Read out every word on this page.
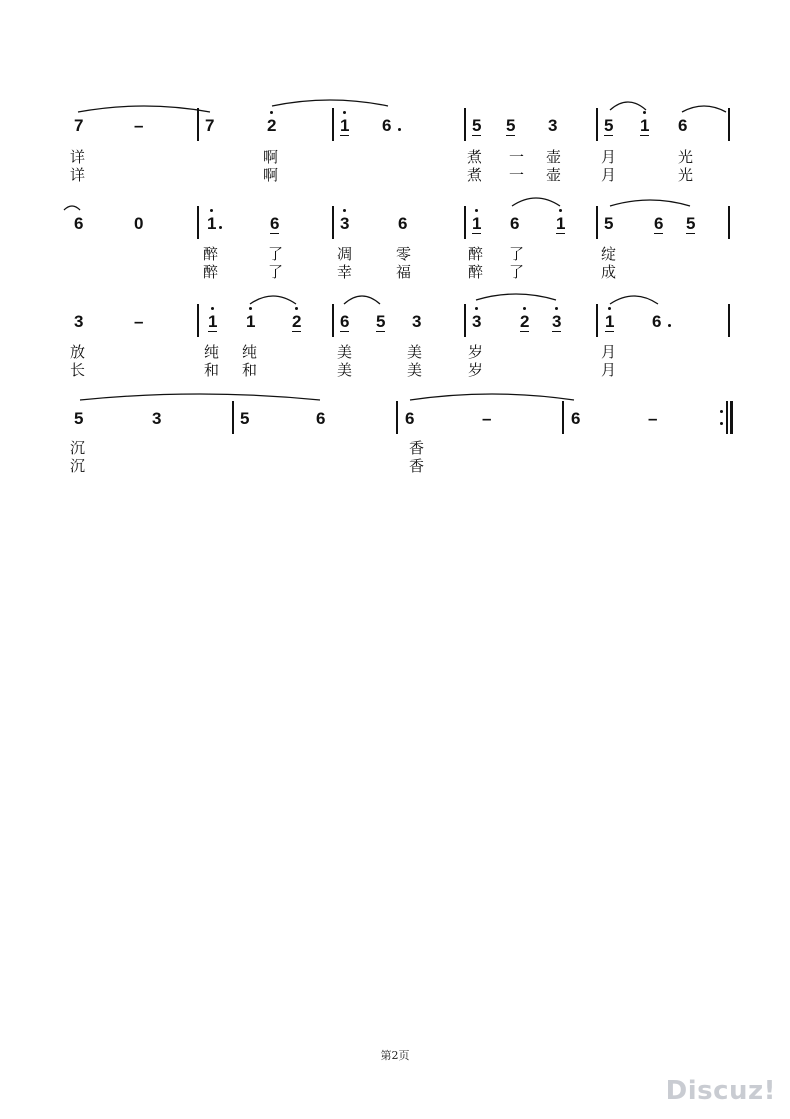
7	–	7	2	1 6	5 5 3	5 1 6
6	0	1	6	3	6	1 6 1 5 6 5
3	–	1 1 2 6 5 3	3 2 3	1 6
5	3	5	6	6	–	6	–
详	啊	煮 一 壶	月	光
详	啊	煮 一 壶	月	光
醉	了	凋	零	醉 了	绽
醉	了	幸	福	醉 了	成
放	纯 纯	美	美	岁	月
长	和 和	美	美	岁	月
沉	香
沉	香
第2页
Discuz!
